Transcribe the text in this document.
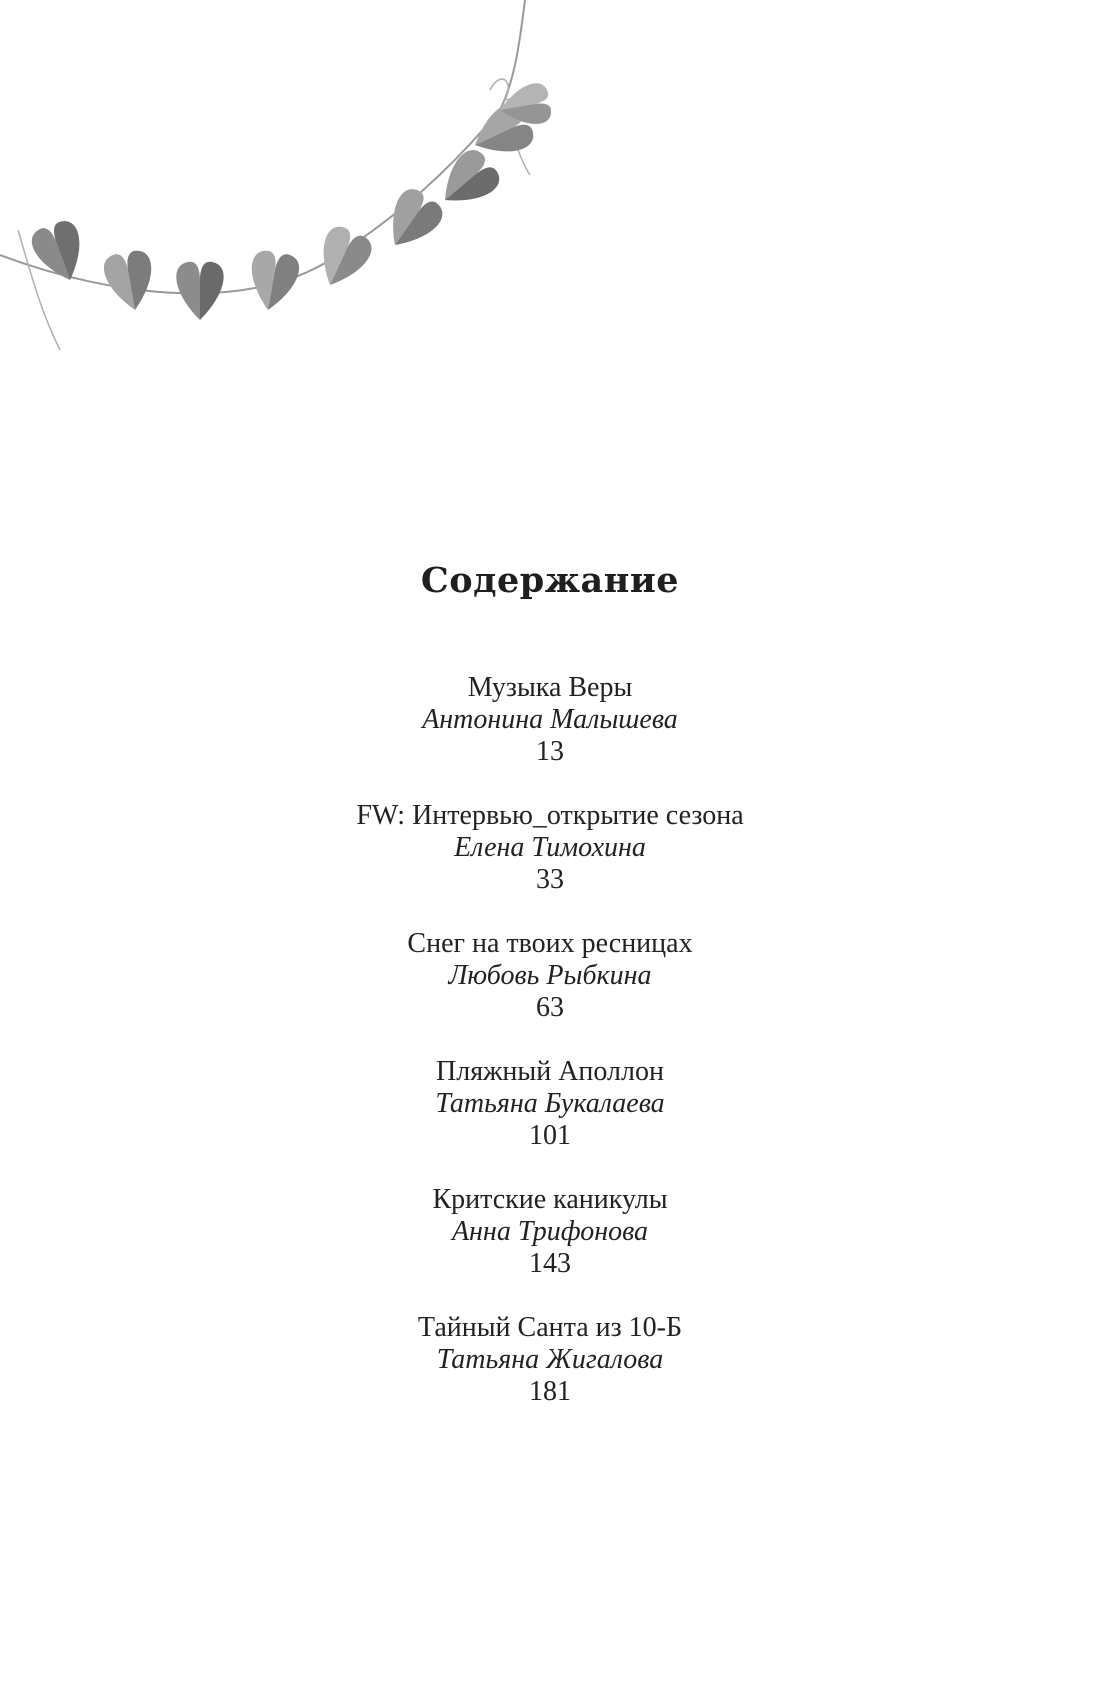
Содержание
Музыка Веры
Антонина Малышева
13
FW: Интервью_открытие сезона
Елена Тимохина
33
Снег на твоих ресницах
Любовь Рыбкина
63
Пляжный Аполлон
Татьяна Букалаева
101
Критские каникулы
Анна Трифонова
143
Тайный Санта из 10-Б
Татьяна Жигалова
181
